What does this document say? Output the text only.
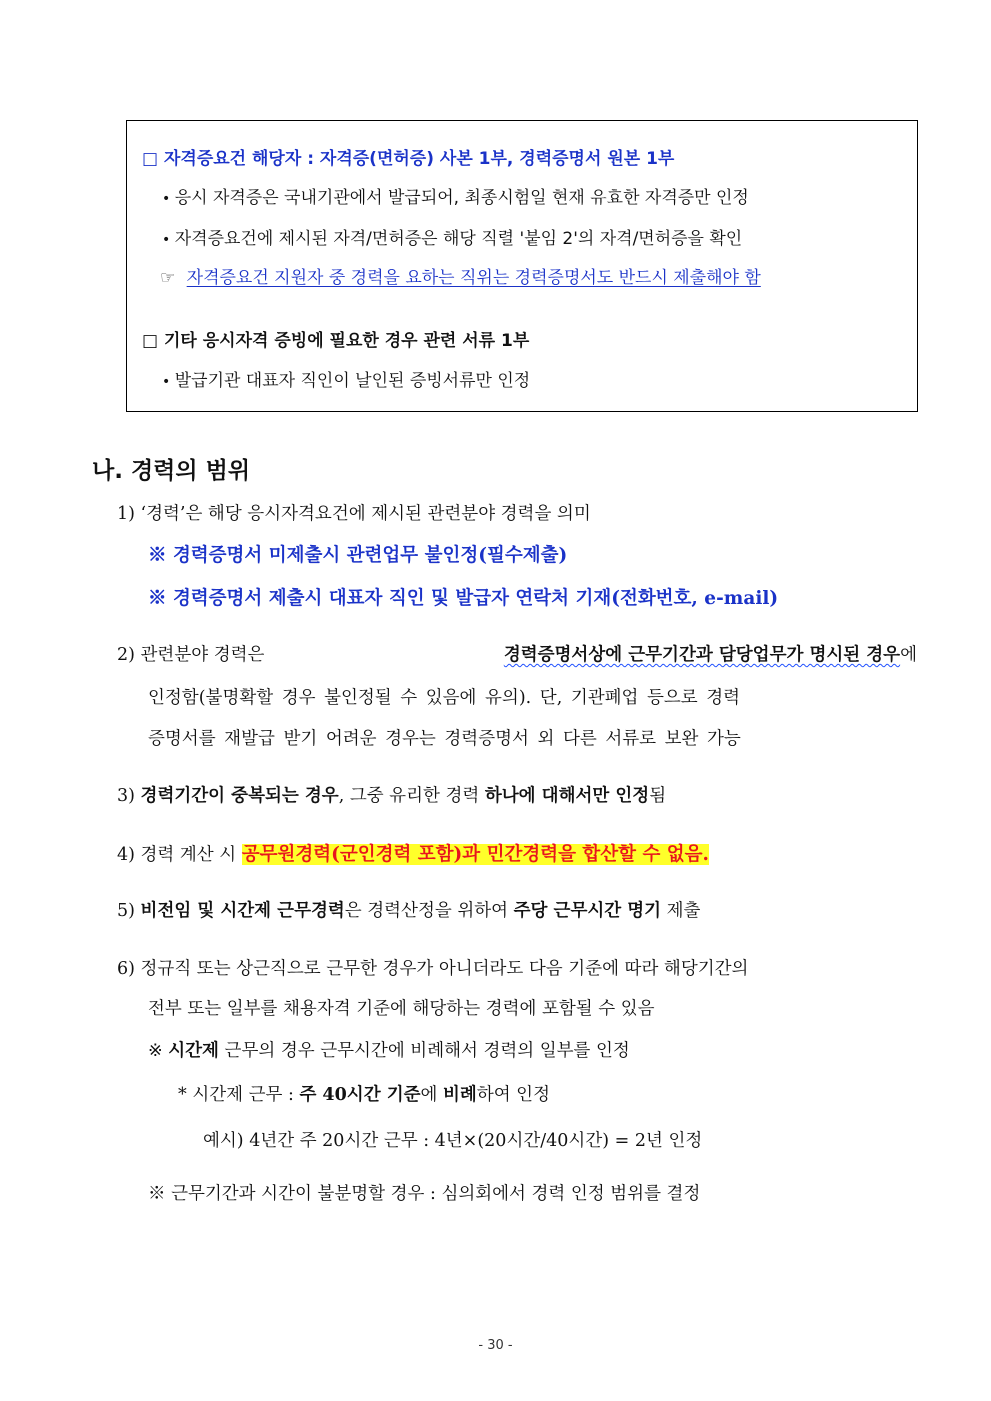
□ 자격증요건 해당자 : 자격증(면허증) 사본 1부, 경력증명서 원본 1부
• 응시 자격증은 국내기관에서 발급되어, 최종시험일 현재 유효한 자격증만 인정
• 자격증요건에 제시된 자격/면허증은 해당 직렬 '붙임 2'의 자격/면허증을 확인
☞ 자격증요건 지원자 중 경력을 요하는 직위는 경력증명서도 반드시 제출해야 함
□ 기타 응시자격 증빙에 필요한 경우 관련 서류 1부
• 발급기관 대표자 직인이 날인된 증빙서류만 인정
나. 경력의 범위
1) ‘경력’은 해당 응시자격요건에 제시된 관련분야 경력을 의미
※ 경력증명서 미제출시 관련업무 불인정(필수제출)
※ 경력증명서 제출시 대표자 직인 및 발급자 연락처 기재(전화번호, e-mail)
2) 관련분야 경력은	경력증명서상에 근무기간과 담당업무가 명시된 경우에
인정함(불명확할 경우 불인정될 수 있음에 유의). 단, 기관폐업 등으로 경력
증명서를 재발급 받기 어려운 경우는 경력증명서 외 다른 서류로 보완 가능
3) 경력기간이 중복되는 경우, 그중 유리한 경력 하나에 대해서만 인정됨
4) 경력 계산 시 공무원경력(군인경력 포함)과 민간경력을 합산할 수 없음.
5) 비전임 및 시간제 근무경력은 경력산정을 위하여 주당 근무시간 명기 제출
6) 정규직 또는 상근직으로 근무한 경우가 아니더라도 다음 기준에 따라 해당기간의
전부 또는 일부를 채용자격 기준에 해당하는 경력에 포함될 수 있음
※ 시간제 근무의 경우 근무시간에 비례해서 경력의 일부를 인정
* 시간제 근무 : 주 40시간 기준에 비례하여 인정
예시) 4년간 주 20시간 근무 : 4년×(20시간/40시간) = 2년 인정
※ 근무기간과 시간이 불분명할 경우 : 심의회에서 경력 인정 범위를 결정
- 30 -
